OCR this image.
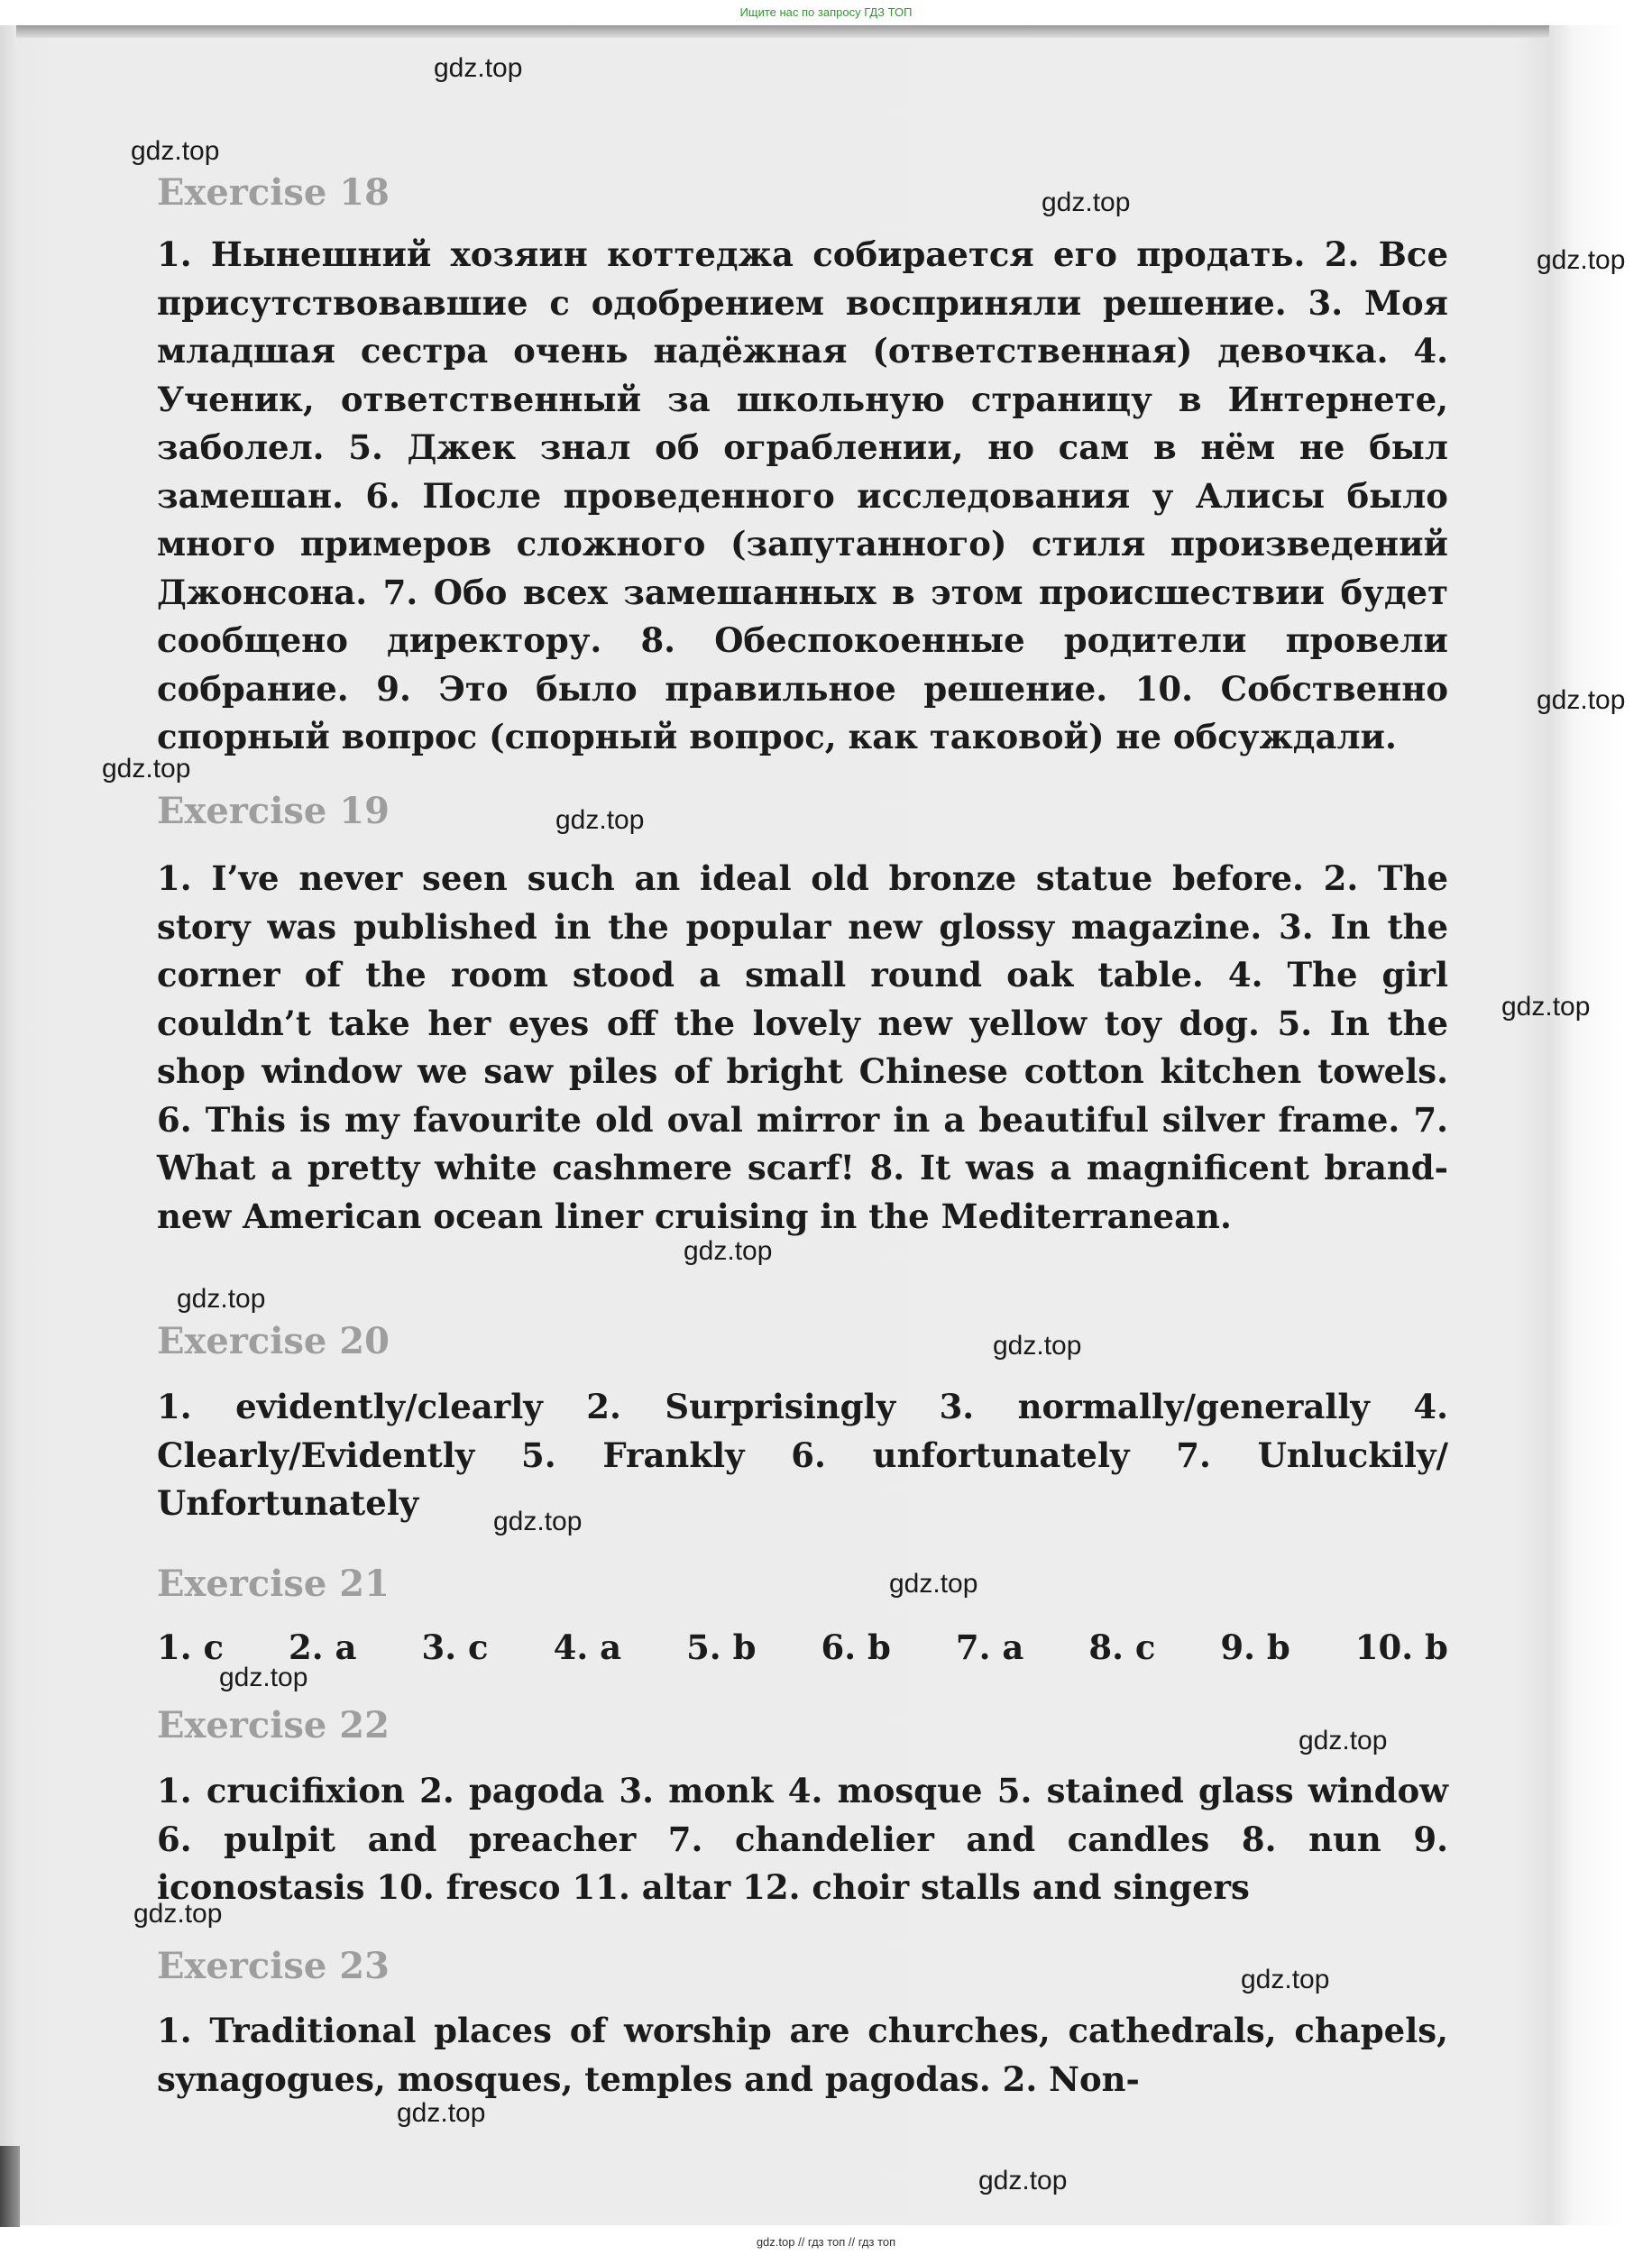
Ищите нас по запросу ГДЗ ТОП
Exercise 18

1. Нынешний хозяин коттеджа собирается его продать. 2. Все присутствовавшие с одобрением восприняли решение. 3. Моя младшая сестра очень надёжная (ответственная) девочка. 4. Ученик, ответственный за школьную страницу в Интернете, заболел. 5. Джек знал об ограблении, но сам в нём не был замешан. 6. После проведенного исследования у Алисы было много примеров сложного (запутанного) стиля произведений Джонсона. 7. Обо всех замешанных в этом происшествии будет сообщено директору. 8. Обеспокоенные родители провели собрание. 9. Это было правильное решение. 10. Собственно спорный вопрос (спорный вопрос, как таковой) не обсуждали.

Exercise 19

1. I’ve never seen such an ideal old bronze statue before. 2. The story was published in the popular new glossy magazine. 3. In the corner of the room stood a small round oak table. 4. The girl couldn’t take her eyes off the lovely new yellow toy dog. 5. In the shop window we saw piles of bright Chinese cotton kitchen towels. 6. This is my favourite old oval mirror in a beautiful silver frame. 7. What a pretty white cashmere scarf! 8. It was a magnificent brand-new American ocean liner cruising in the Mediterranean.

Exercise 20

1. evidently/clearly 2. Surprisingly 3. normally/generally 4. Clearly/Evidently 5. Frankly 6. unfortunately 7. Unluckily/ Unfortunately

Exercise 21
1. c 2. a 3. c 4. a 5. b 6. b 7. a 8. c 9. b 10. b
Exercise 22

1. crucifixion 2. pagoda 3. monk 4. mosque 5. stained glass window 6. pulpit and preacher 7. chandelier and candles 8. nun 9. iconostasis 10. fresco 11. altar 12. choir stalls and singers

Exercise 23

1. Traditional places of worship are churches, cathedrals, chapels, synagogues, mosques, temples and pagodas. 2. Non-

gdz.top
gdz.top
gdz.top
gdz.top
gdz.top
gdz.top
gdz.top
gdz.top
gdz.top
gdz.top
gdz.top
gdz.top
gdz.top
gdz.top
gdz.top
gdz.top
gdz.top
gdz.top
gdz.top
gdz.top // гдз топ // гдз топ
